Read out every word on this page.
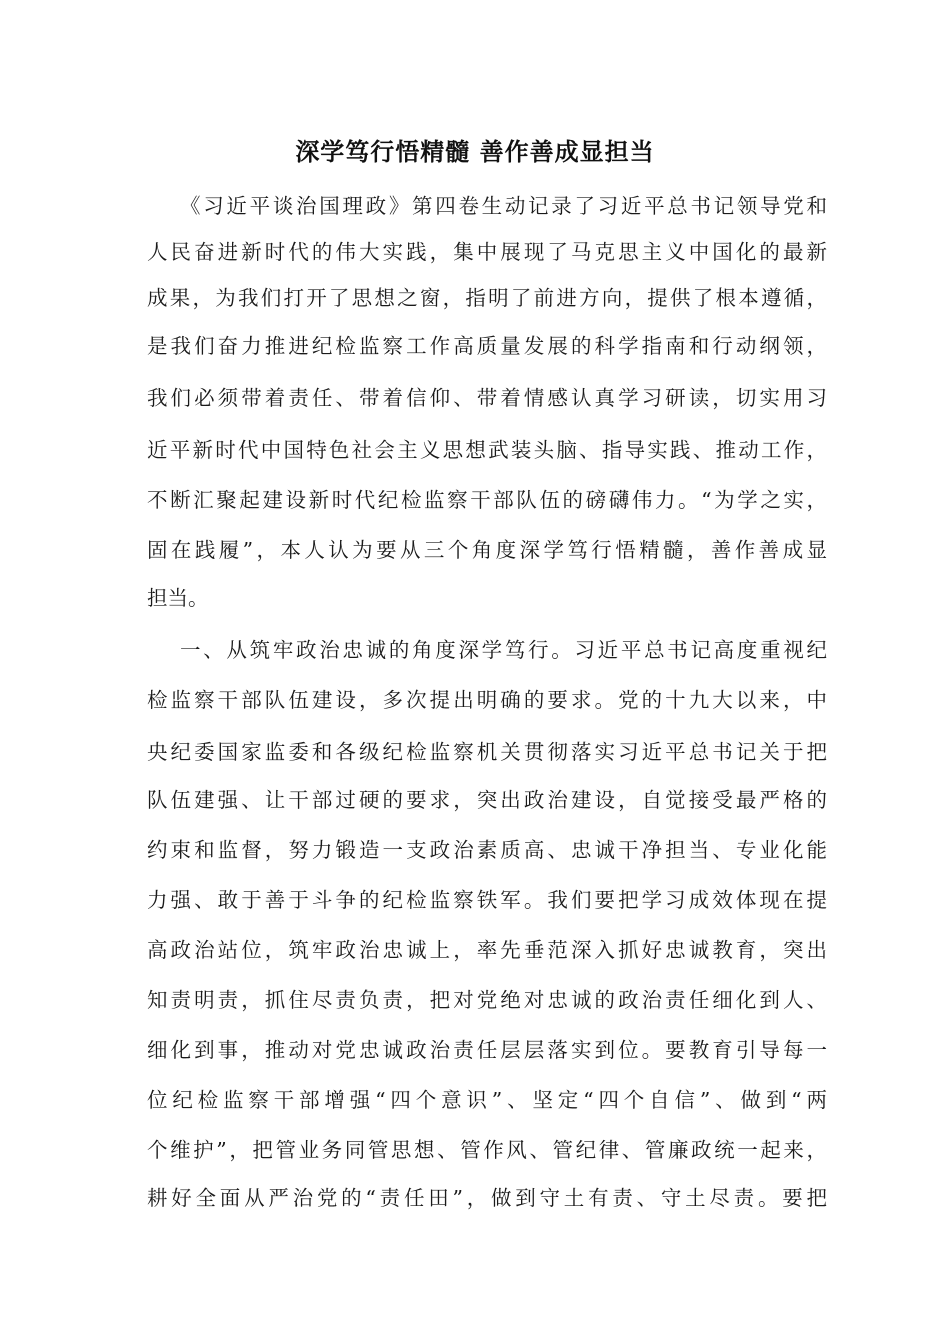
深学笃行悟精髓 善作善成显担当
《习近平谈治国理政》第四卷生动记录了习近平总书记领导党和
人民奋进新时代的伟大实践，集中展现了马克思主义中国化的最新
成果，为我们打开了思想之窗，指明了前进方向，提供了根本遵循，
是我们奋力推进纪检监察工作高质量发展的科学指南和行动纲领，
我们必须带着责任、带着信仰、带着情感认真学习研读，切实用习
近平新时代中国特色社会主义思想武装头脑、指导实践、推动工作，
不断汇聚起建设新时代纪检监察干部队伍的磅礴伟力。“为学之实，
固在践履”，本人认为要从三个角度深学笃行悟精髓，善作善成显
担当。
一、从筑牢政治忠诚的角度深学笃行。习近平总书记高度重视纪
检监察干部队伍建设，多次提出明确的要求。党的十九大以来，中
央纪委国家监委和各级纪检监察机关贯彻落实习近平总书记关于把
队伍建强、让干部过硬的要求，突出政治建设，自觉接受最严格的
约束和监督，努力锻造一支政治素质高、忠诚干净担当、专业化能
力强、敢于善于斗争的纪检监察铁军。我们要把学习成效体现在提
高政治站位，筑牢政治忠诚上，率先垂范深入抓好忠诚教育，突出
知责明责，抓住尽责负责，把对党绝对忠诚的政治责任细化到人、
细化到事，推动对党忠诚政治责任层层落实到位。要教育引导每一
位纪检监察干部增强“四个意识”、坚定“四个自信”、做到“两
个维护”，把管业务同管思想、管作风、管纪律、管廉政统一起来，
耕好全面从严治党的“责任田”，做到守土有责、守土尽责。要把
